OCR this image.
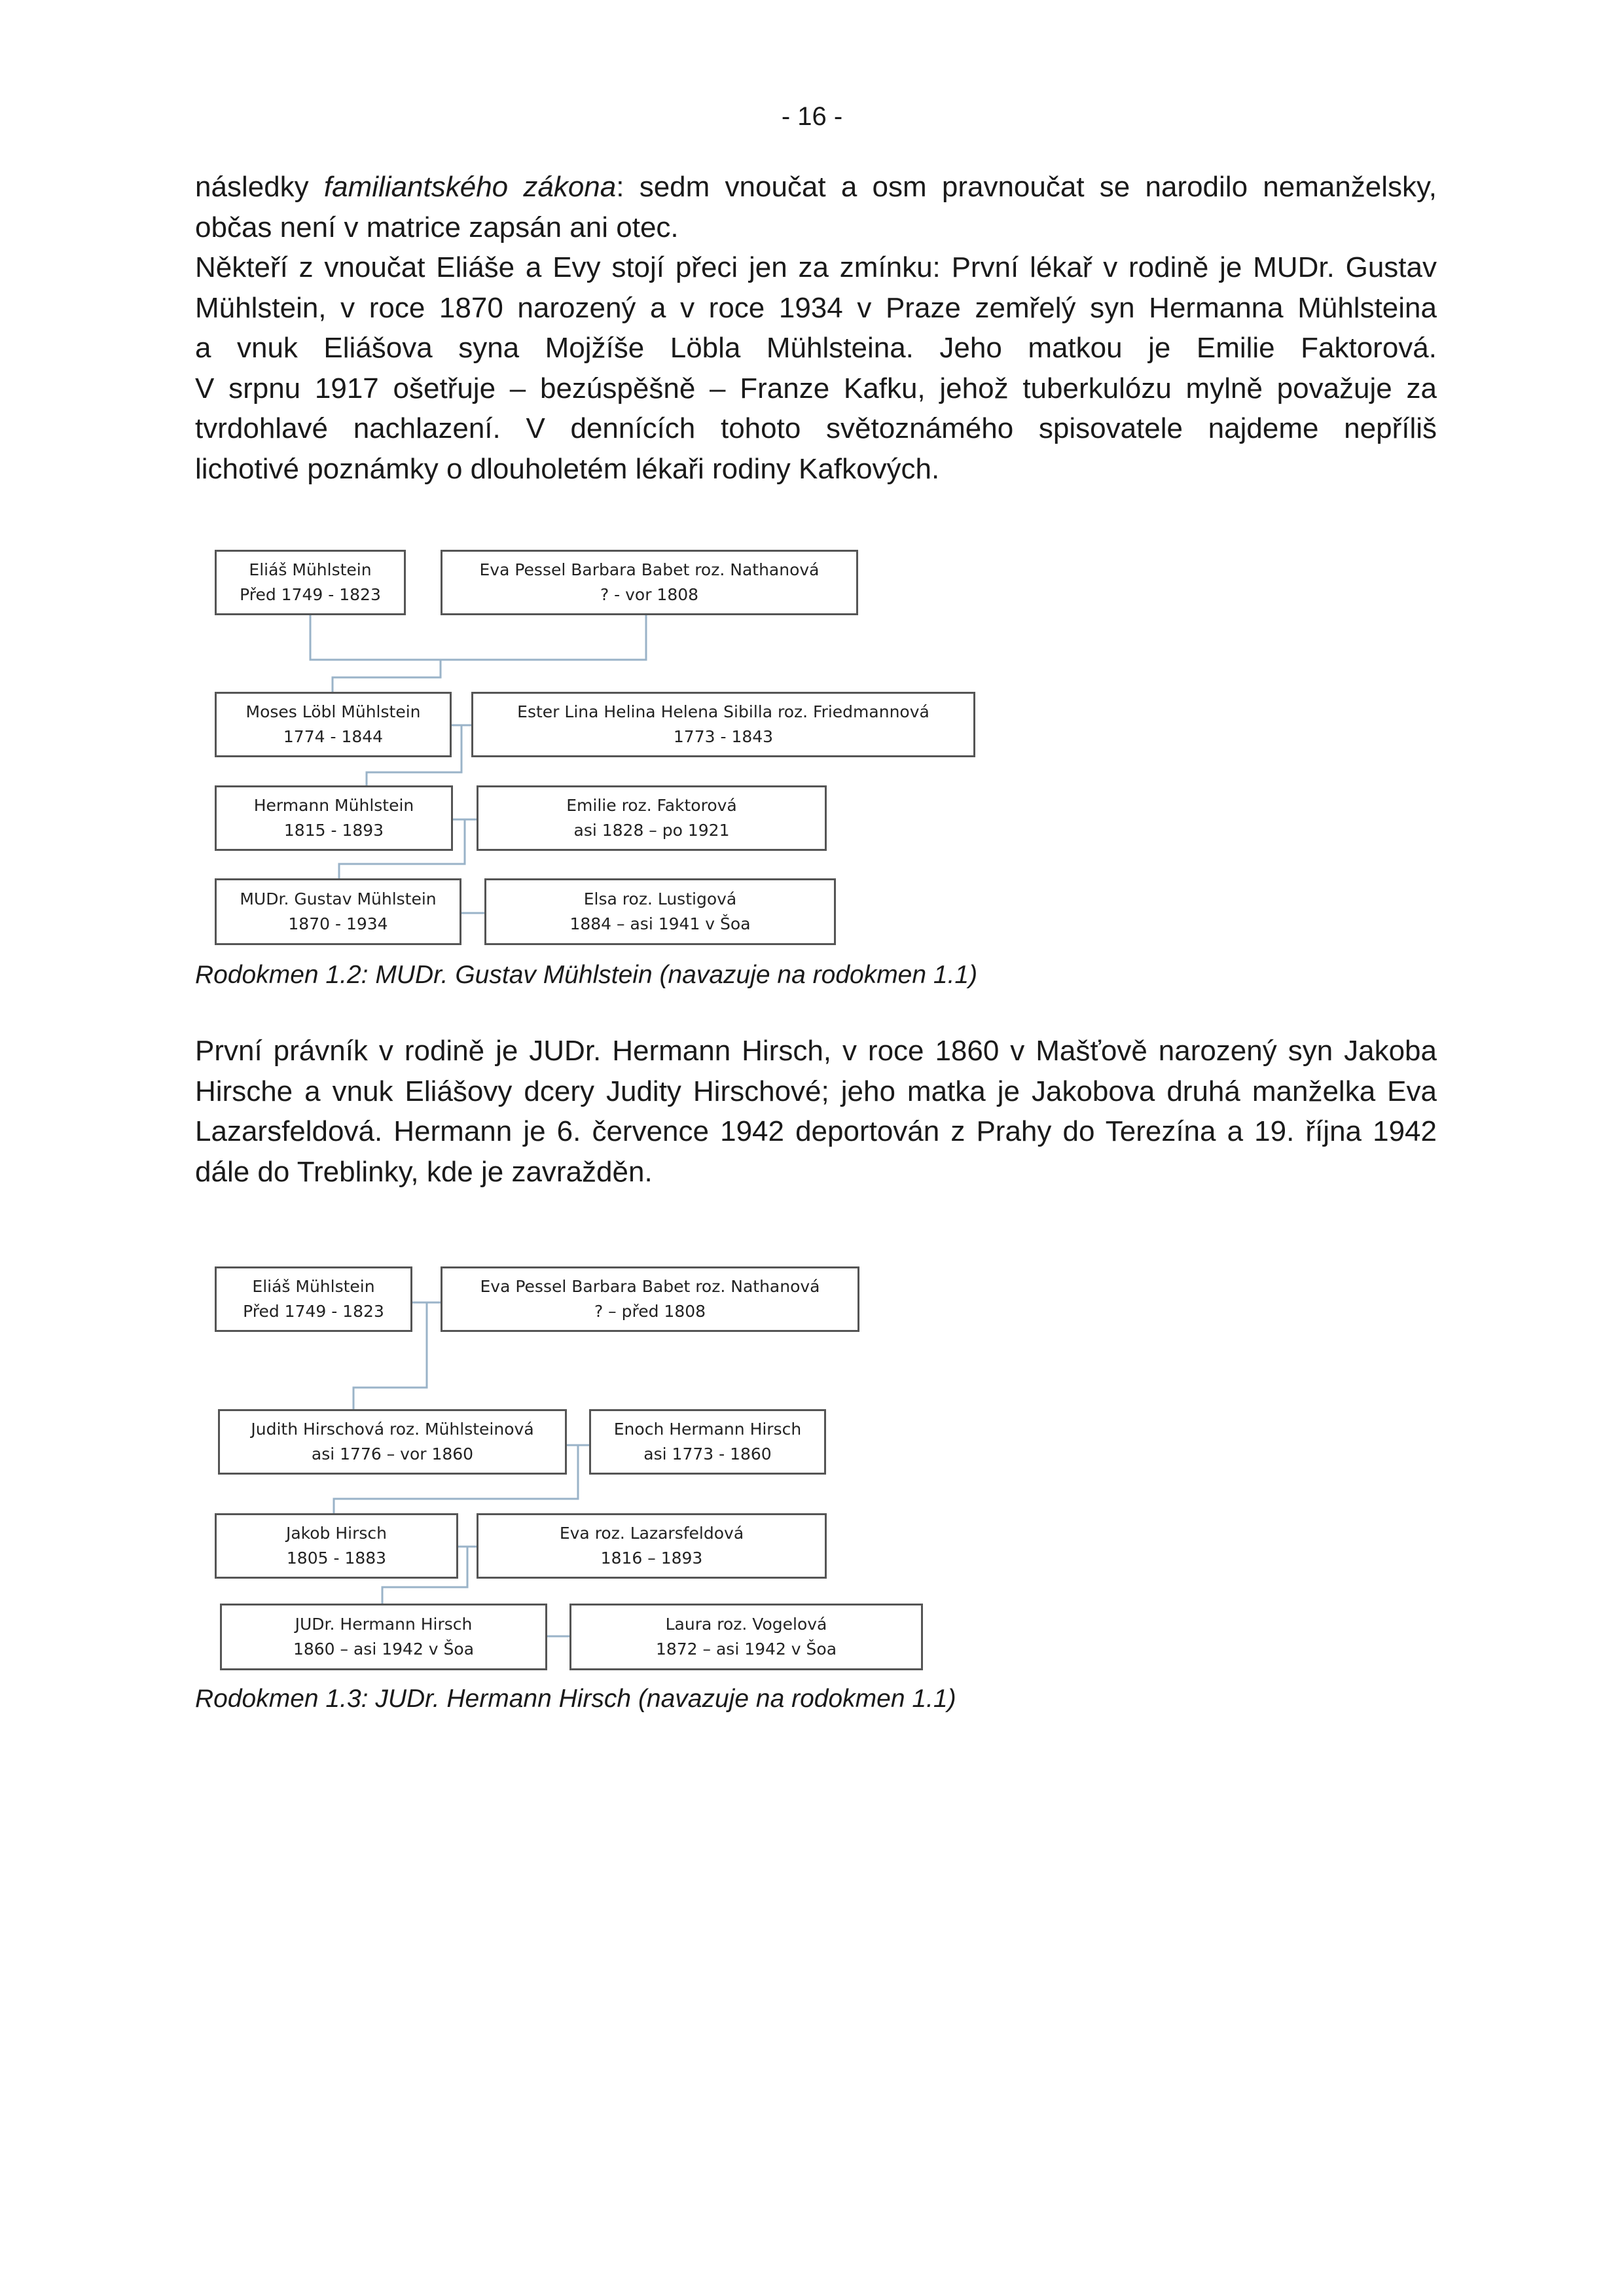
- 16 -
následky familiantského zákona: sedm vnoučat a osm pravnoučat se narodilo nemanželsky,
občas není v matrice zapsán ani otec.
Někteří z vnoučat Eliáše a Evy stojí přeci jen za zmínku: První lékař v rodině je MUDr. Gustav
Mühlstein, v roce 1870 narozený a v roce 1934 v Praze zemřelý syn Hermanna Mühlsteina
a vnuk Eliášova syna Mojžíše Löbla Mühlsteina. Jeho matkou je Emilie Faktorová.
V srpnu 1917 ošetřuje – bezúspěšně – Franze Kafku, jehož tuberkulózu mylně považuje za
tvrdohlavé nachlazení. V dennících tohoto světoznámého spisovatele najdeme nepříliš
lichotivé poznámky o dlouholetém lékaři rodiny Kafkových.
Eliáš Mühlstein
Před 1749 - 1823
Eva Pessel Barbara Babet roz. Nathanová
? - vor 1808
Moses Löbl Mühlstein
1774 - 1844
Ester Lina Helina Helena Sibilla roz. Friedmannová
1773 - 1843
Hermann Mühlstein
1815 - 1893
Emilie roz. Faktorová
asi 1828 – po 1921
MUDr. Gustav Mühlstein
1870 - 1934
Elsa roz. Lustigová
1884 – asi 1941 v Šoa
Rodokmen 1.2: MUDr. Gustav Mühlstein (navazuje na rodokmen 1.1)
První právník v rodině je JUDr. Hermann Hirsch, v roce 1860 v Mašťově narozený syn Jakoba
Hirsche a vnuk Eliášovy dcery Judity Hirschové; jeho matka je Jakobova druhá manželka Eva
Lazarsfeldová. Hermann je 6. července 1942 deportován z Prahy do Terezína a 19. října 1942
dále do Treblinky, kde je zavražděn.
Eliáš Mühlstein
Před 1749 - 1823
Eva Pessel Barbara Babet roz. Nathanová
? – před 1808
Judith Hirschová roz. Mühlsteinová
asi 1776 – vor 1860
Enoch Hermann Hirsch
asi 1773 - 1860
Jakob Hirsch
1805 - 1883
Eva roz. Lazarsfeldová
1816 – 1893
JUDr. Hermann Hirsch
1860 – asi 1942 v Šoa
Laura roz. Vogelová
1872 – asi 1942 v Šoa
Rodokmen 1.3: JUDr. Hermann Hirsch (navazuje na rodokmen 1.1)
